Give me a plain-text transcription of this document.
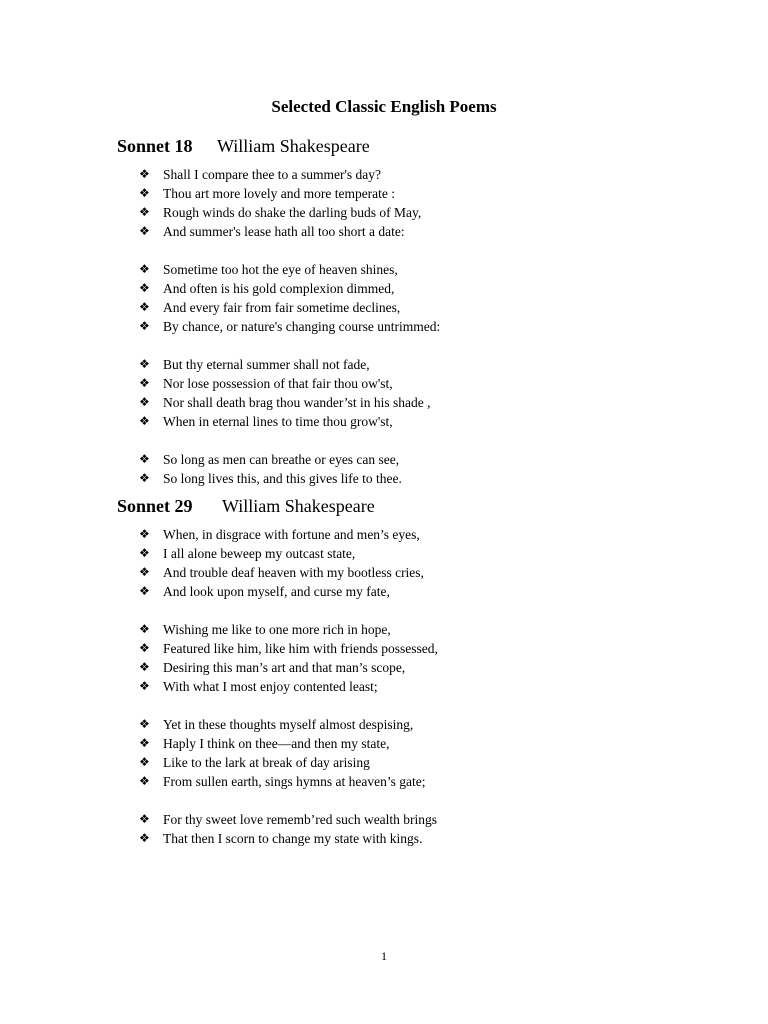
Selected Classic English Poems
Sonnet 18 William Shakespeare
❖ Shall I compare thee to a summer's day?
❖ Thou art more lovely and more temperate :
❖ Rough winds do shake the darling buds of May,
❖ And summer's lease hath all too short a date:
❖ Sometime too hot the eye of heaven shines,
❖ And often is his gold complexion dimmed,
❖ And every fair from fair sometime declines,
❖ By chance, or nature's changing course untrimmed:
❖ But thy eternal summer shall not fade,
❖ Nor lose possession of that fair thou ow'st,
❖ Nor shall death brag thou wander’st in his shade ,
❖ When in eternal lines to time thou grow'st,
❖ So long as men can breathe or eyes can see,
❖ So long lives this, and this gives life to thee.
Sonnet 29 William Shakespeare
❖ When, in disgrace with fortune and men’s eyes,
❖ I all alone beweep my outcast state,
❖ And trouble deaf heaven with my bootless cries,
❖ And look upon myself, and curse my fate,
❖ Wishing me like to one more rich in hope,
❖ Featured like him, like him with friends possessed,
❖ Desiring this man’s art and that man’s scope,
❖ With what I most enjoy contented least;
❖ Yet in these thoughts myself almost despising,
❖ Haply I think on thee—and then my state,
❖ Like to the lark at break of day arising
❖ From sullen earth, sings hymns at heaven’s gate;
❖ For thy sweet love rememb’red such wealth brings
❖ That then I scorn to change my state with kings.
1
